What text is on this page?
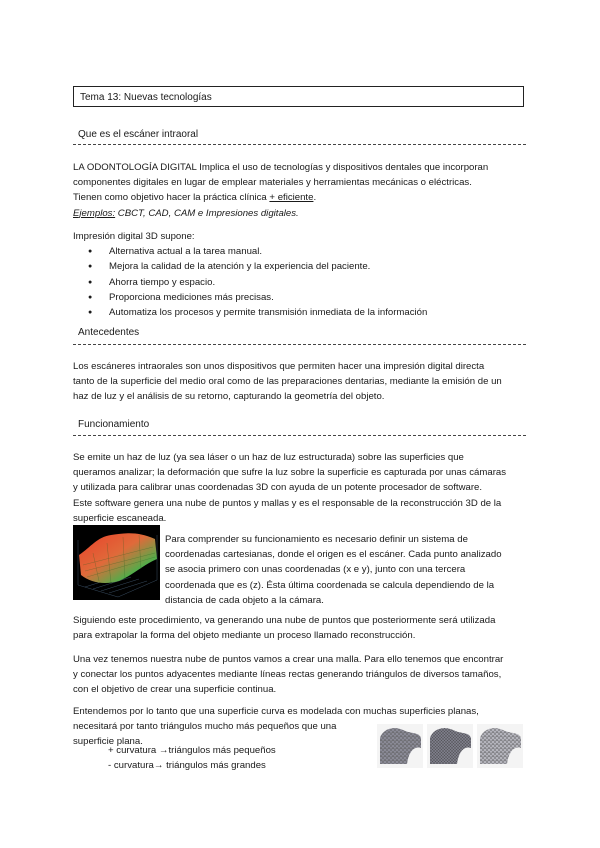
Tema 13: Nuevas tecnologías
Que es el escáner intraoral
LA ODONTOLOGÍA DIGITAL Implica el uso de tecnologías y dispositivos dentales que incorporan
componentes digitales en lugar de emplear materiales y herramientas mecánicas o eléctricas.
Tienen como objetivo hacer la práctica clínica + eficiente.
Ejemplos: CBCT, CAD, CAM e Impresiones digitales.
Impresión digital 3D supone:
● Alternativa actual a la tarea manual.
● Mejora la calidad de la atención y la experiencia del paciente.
● Ahorra tiempo y espacio.
● Proporciona mediciones más precisas.
● Automatiza los procesos y permite transmisión inmediata de la información
Antecedentes
Los escáneres intraorales son unos dispositivos que permiten hacer una impresión digital directa
tanto de la superficie del medio oral como de las preparaciones dentarias, mediante la emisión de un
haz de luz y el análisis de su retorno, capturando la geometría del objeto.
Funcionamiento
Se emite un haz de luz (ya sea láser o un haz de luz estructurada) sobre las superficies que
queramos analizar; la deformación que sufre la luz sobre la superficie es capturada por unas cámaras
y utilizada para calibrar unas coordenadas 3D con ayuda de un potente procesador de software.
Este software genera una nube de puntos y mallas y es el responsable de la reconstrucción 3D de la
superficie escaneada.
Para comprender su funcionamiento es necesario definir un sistema de
coordenadas cartesianas, donde el origen es el escáner. Cada punto analizado
se asocia primero con unas coordenadas (x e y), junto con una tercera
coordenada que es (z). Ésta última coordenada se calcula dependiendo de la
distancia de cada objeto a la cámara.
Siguiendo este procedimiento, va generando una nube de puntos que posteriormente será utilizada
para extrapolar la forma del objeto mediante un proceso llamado reconstrucción.
Una vez tenemos nuestra nube de puntos vamos a crear una malla. Para ello tenemos que encontrar
y conectar los puntos adyacentes mediante líneas rectas generando triángulos de diversos tamaños,
con el objetivo de crear una superficie continua.
Entendemos por lo tanto que una superficie curva es modelada con muchas superficies planas,
necesitará por tanto triángulos mucho más pequeños que una
superficie plana.
+ curvatura →triángulos más pequeños
- curvatura→ triángulos más grandes
